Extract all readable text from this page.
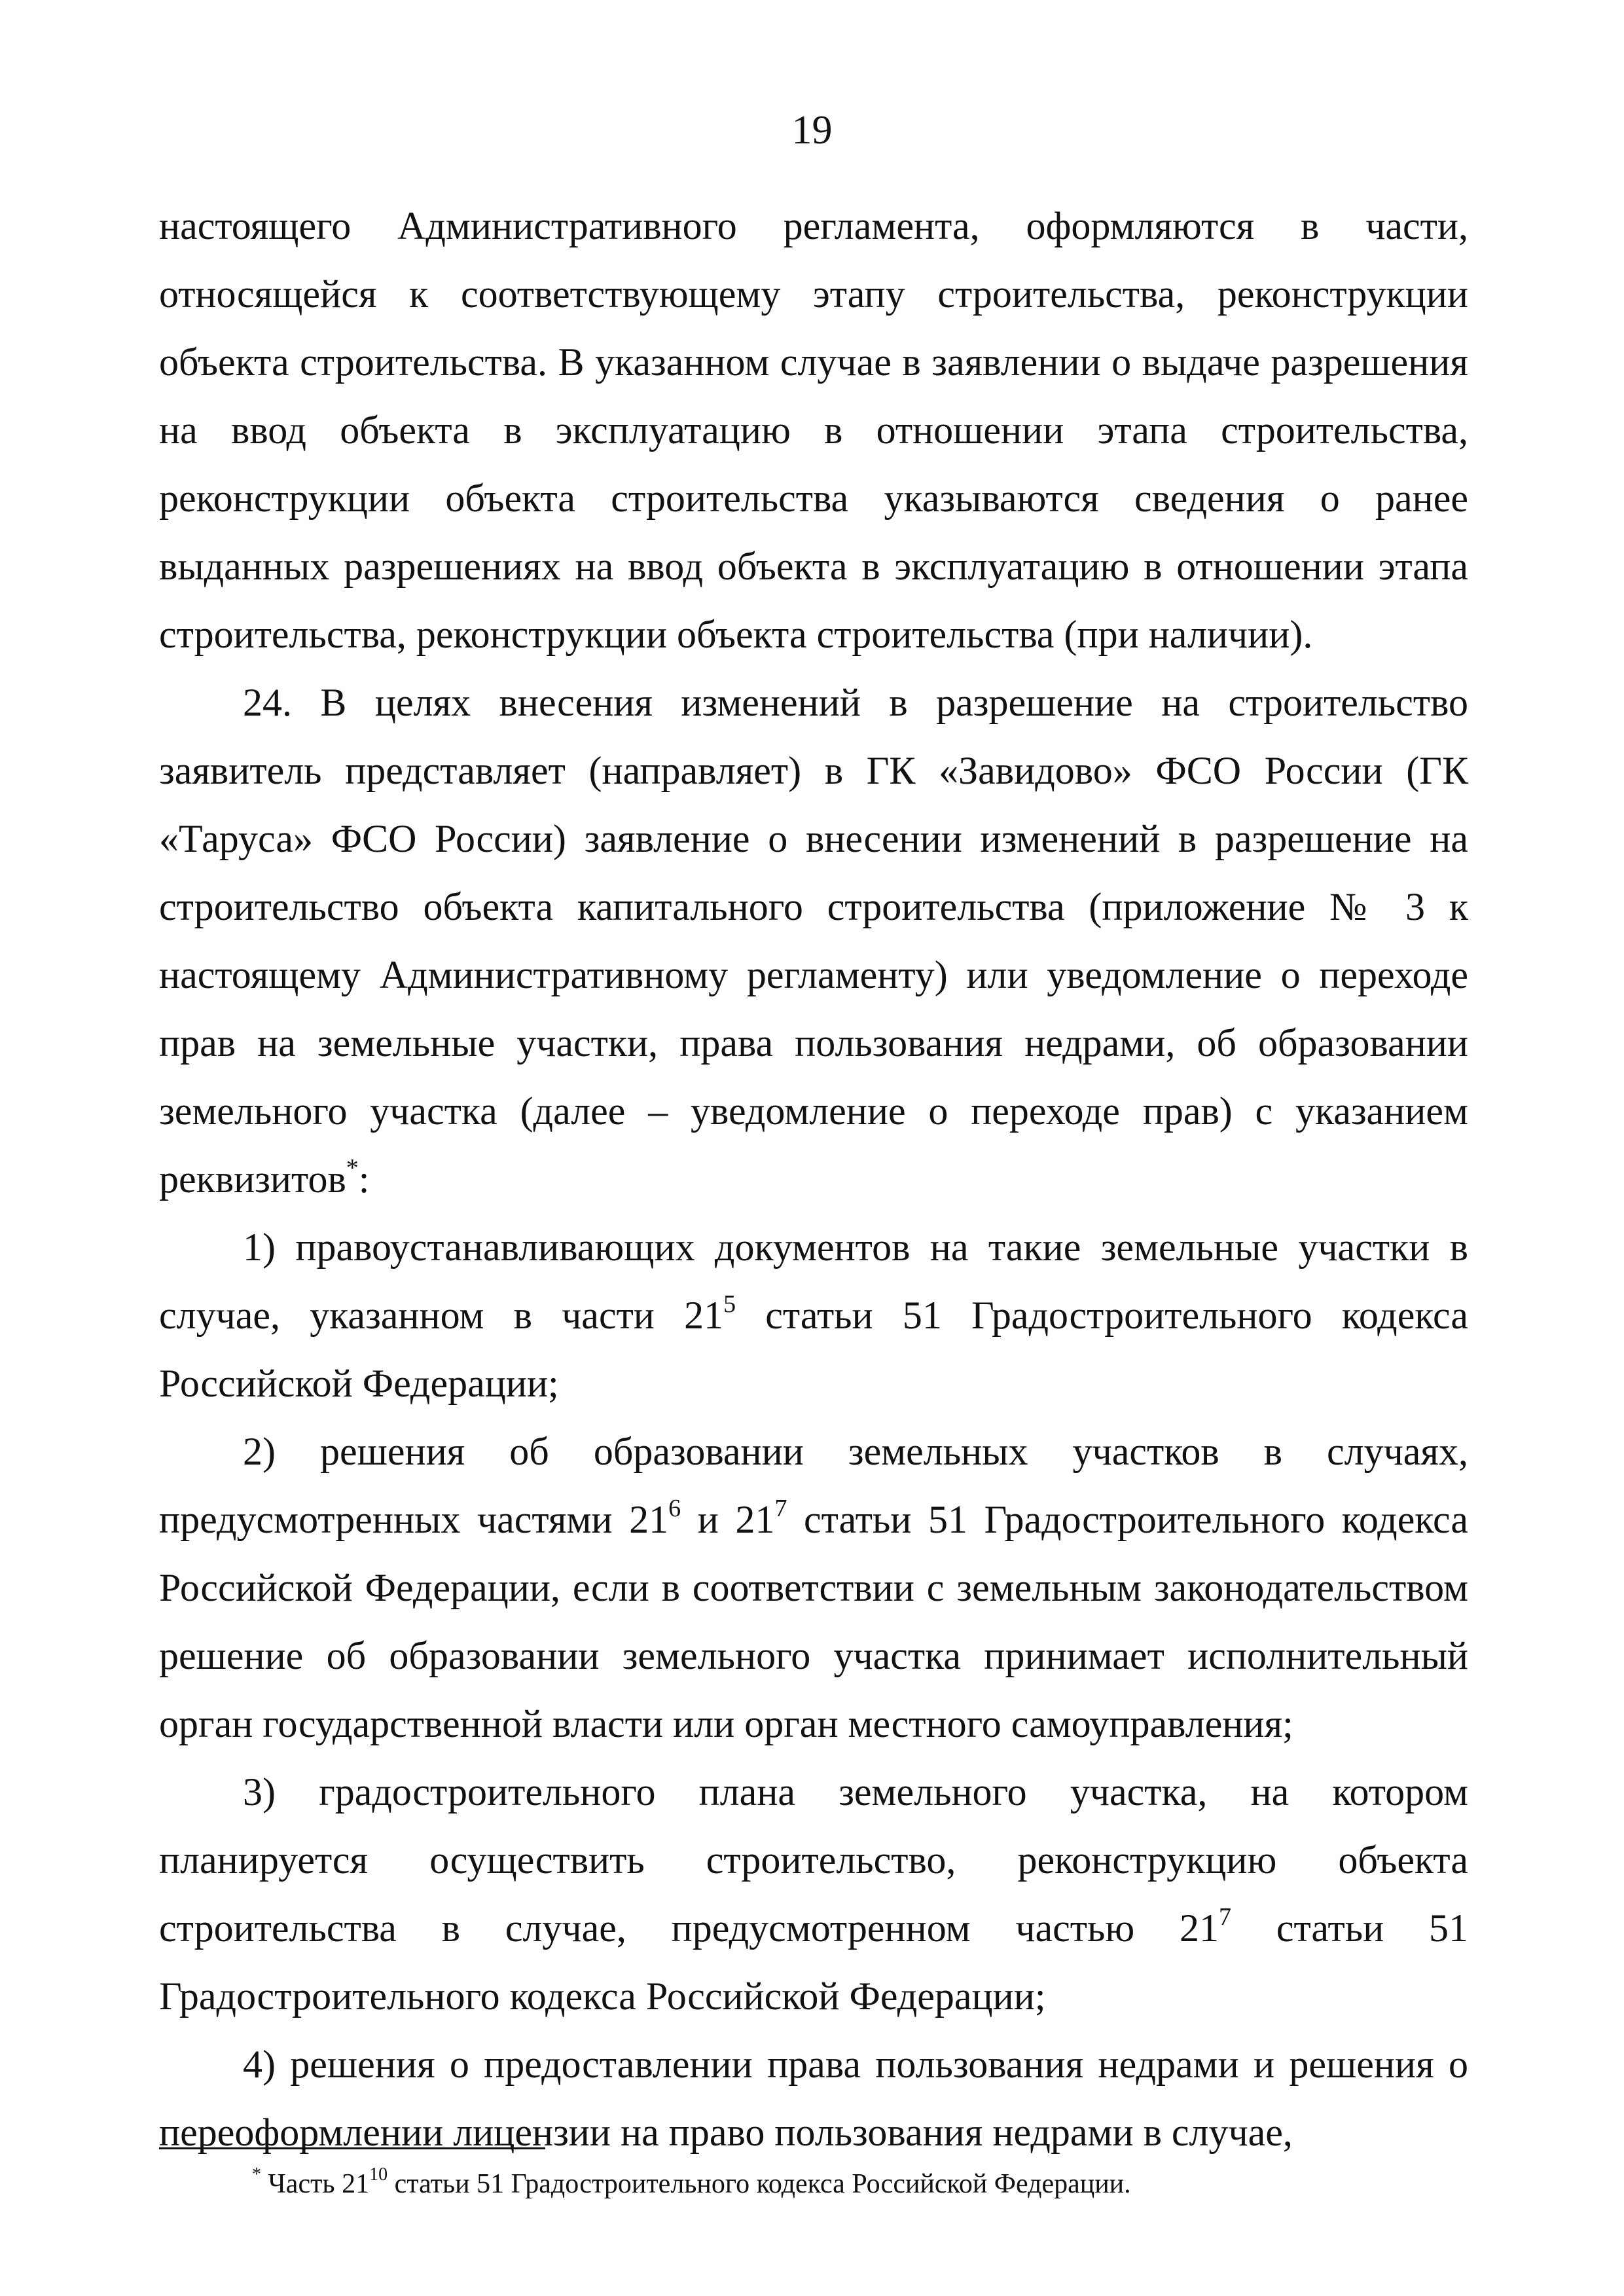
19

настоящего Административного регламента, оформляются в части, относящейся к соответствующему этапу строительства, реконструкции объекта строительства. В указанном случае в заявлении о выдаче разрешения на ввод объекта в эксплуатацию в отношении этапа строительства, реконструкции объекта строительства указываются сведения о ранее выданных разрешениях на ввод объекта в эксплуатацию в отношении этапа строительства, реконструкции объекта строительства (при наличии).

24. В целях внесения изменений в разрешение на строительство заявитель представляет (направляет) в ГК «Завидово» ФСО России (ГК «Таруса» ФСО России) заявление о внесении изменений в разрешение на строительство объекта капитального строительства (приложение № 3 к настоящему Административному регламенту) или уведомление о переходе прав на земельные участки, права пользования недрами, об образовании земельного участка (далее – уведомление о переходе прав) с указанием реквизитов*:

1) правоустанавливающих документов на такие земельные участки в случае, указанном в части $21^5$ статьи 51 Градостроительного кодекса Российской Федерации;

2) решения об образовании земельных участков в случаях, предусмотренных частями $21^6$ и $21^7$ статьи 51 Градостроительного кодекса Российской Федерации, если в соответствии с земельным законодательством решение об образовании земельного участка принимает исполнительный орган государственной власти или орган местного самоуправления;

3) градостроительного плана земельного участка, на котором планируется осуществить строительство, реконструкцию объекта строительства в случае, предусмотренном частью $21^7$ статьи 51 Градостроительного кодекса Российской Федерации;

4) решения о предоставлении права пользования недрами и решения о переоформлении лицензии на право пользования недрами в случае,

* Часть $21^{10}$ статьи 51 Градостроительного кодекса Российской Федерации.
